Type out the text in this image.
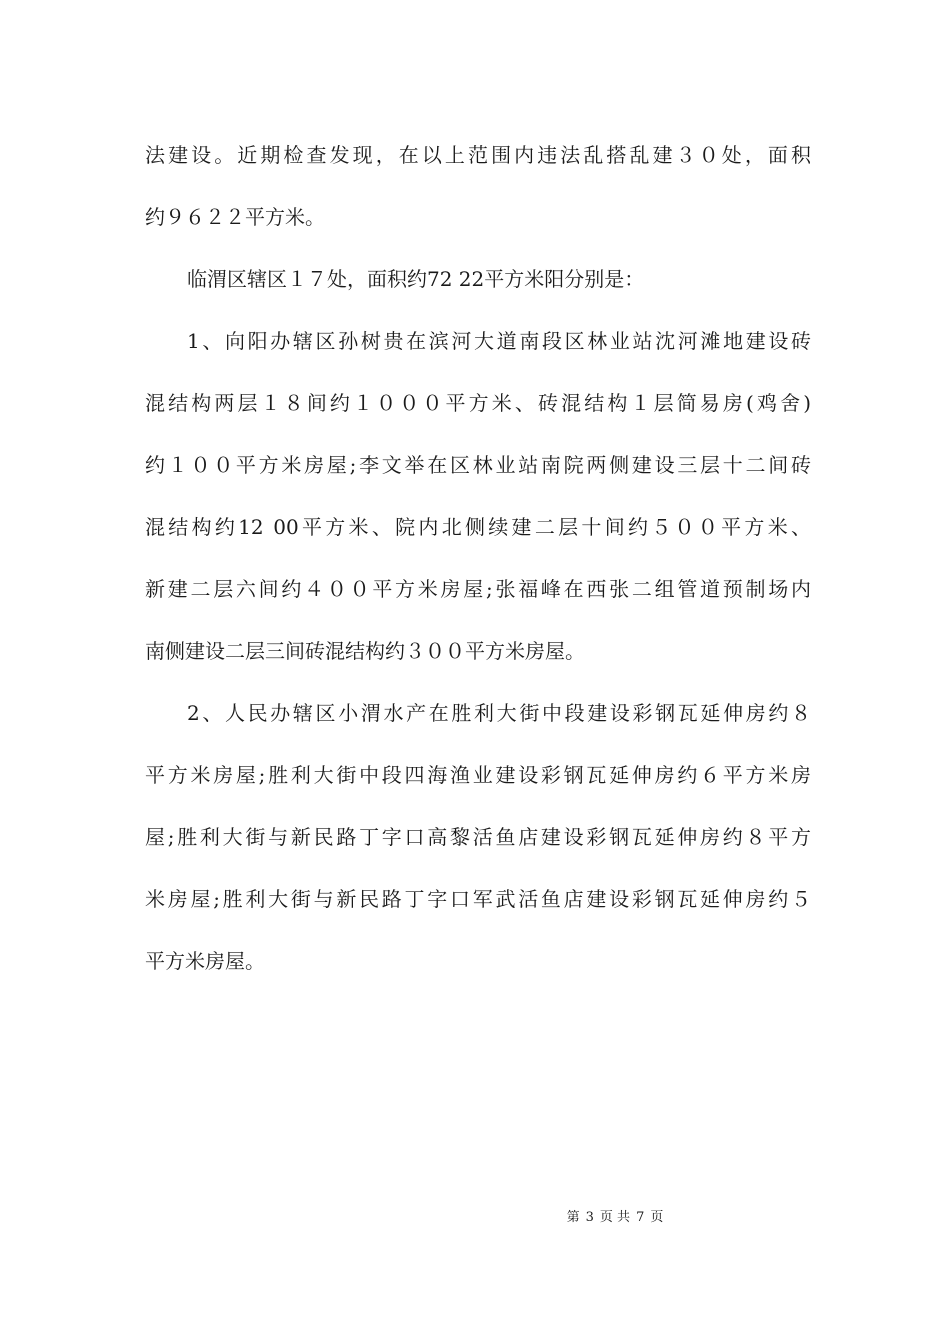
法建设。近期检查发现，在以上范围内违法乱搭乱建３０处，面积
约９６２２平方米。
临渭区辖区１７处，面积约72 22平方米阳分别是：
1、向阳办辖区孙树贵在滨河大道南段区林业站沈河滩地建设砖
混结构两层１８间约１０００平方米、砖混结构１层简易房(鸡舍)
约１００平方米房屋;李文举在区林业站南院两侧建设三层十二间砖
混结构约12 00平方米、院内北侧续建二层十间约５００平方米、
新建二层六间约４００平方米房屋;张福峰在西张二组管道预制场内
南侧建设二层三间砖混结构约３００平方米房屋。
2、人民办辖区小渭水产在胜利大街中段建设彩钢瓦延伸房约８
平方米房屋;胜利大街中段四海渔业建设彩钢瓦延伸房约６平方米房
屋;胜利大街与新民路丁字口高黎活鱼店建设彩钢瓦延伸房约８平方
米房屋;胜利大街与新民路丁字口军武活鱼店建设彩钢瓦延伸房约５
平方米房屋。
第 3 页 共 7 页
